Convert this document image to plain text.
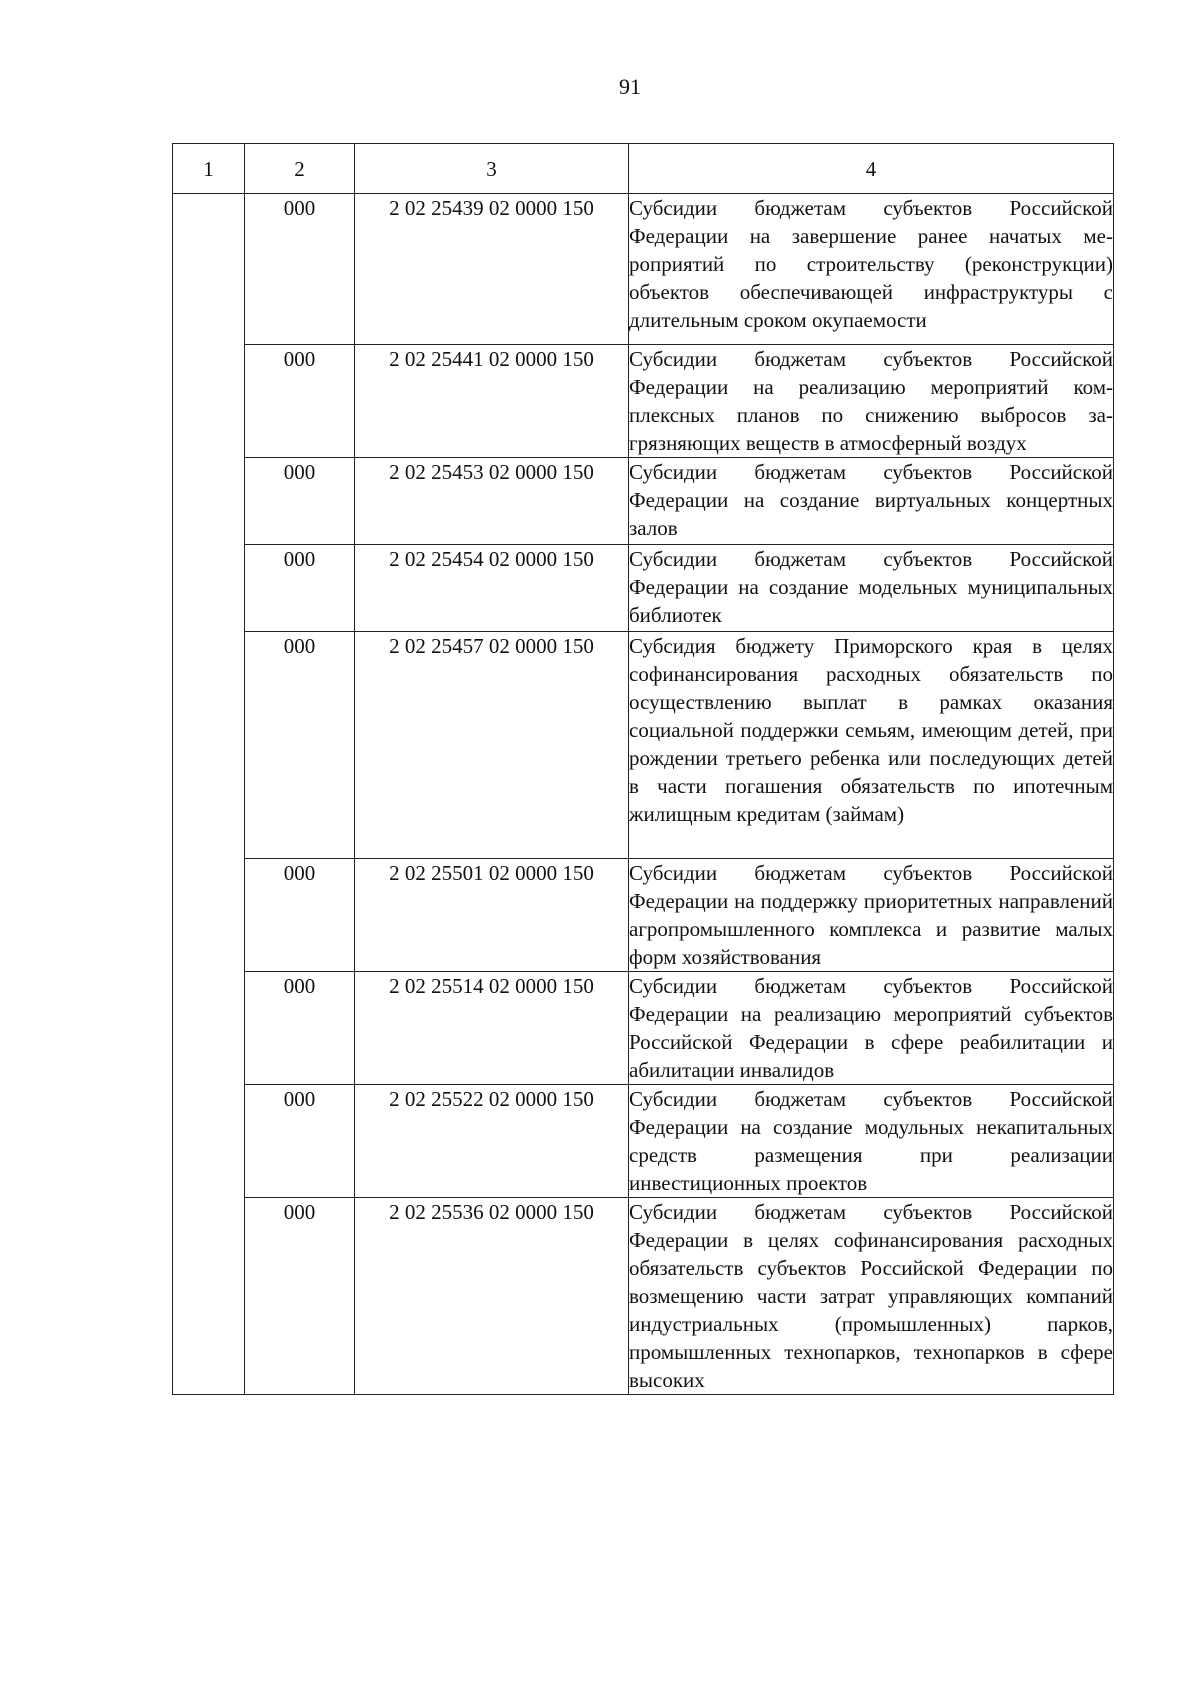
91
1	2	3	4
	000	2 02 25439 02 0000 150	Субсидии бюджетам субъектов Российской Федерации на завершение ранее начатых мероприятий по строительству (реконструкции) объектов обеспечивающей инфраструктуры с длительным сроком окупаемости
	000	2 02 25441 02 0000 150	Субсидии бюджетам субъектов Российской Федерации на реализацию мероприятий комплексных планов по снижению выбросов загрязняющих веществ в атмосферный воздух
	000	2 02 25453 02 0000 150	Субсидии бюджетам субъектов Российской Федерации на создание виртуальных концертных залов
	000	2 02 25454 02 0000 150	Субсидии бюджетам субъектов Российской Федерации на создание модельных муниципальных библиотек
	000	2 02 25457 02 0000 150	Субсидия бюджету Приморского края в целях софинансирования расходных обязательств по осуществлению выплат в рамках оказания социальной поддержки семьям, имеющим детей, при рождении третьего ребенка или последующих детей в части погашения обязательств по ипотечным жилищным кредитам (займам)
	000	2 02 25501 02 0000 150	Субсидии бюджетам субъектов Российской Федерации на поддержку приоритетных направлений агропромышленного комплекса и развитие малых форм хозяйствования
	000	2 02 25514 02 0000 150	Субсидии бюджетам субъектов Российской Федерации на реализацию мероприятий субъектов Российской Федерации в сфере реабилитации и абилитации инвалидов
	000	2 02 25522 02 0000 150	Субсидии бюджетам субъектов Российской Федерации на создание модульных некапитальных средств размещения при реализации инвестиционных проектов
	000	2 02 25536 02 0000 150	Субсидии бюджетам субъектов Российской Федерации в целях софинансирования расходных обязательств субъектов Российской Федерации по возмещению части затрат управляющих компаний индустриальных (промышленных) парков, промышленных технопарков, технопарков в сфере высоких
